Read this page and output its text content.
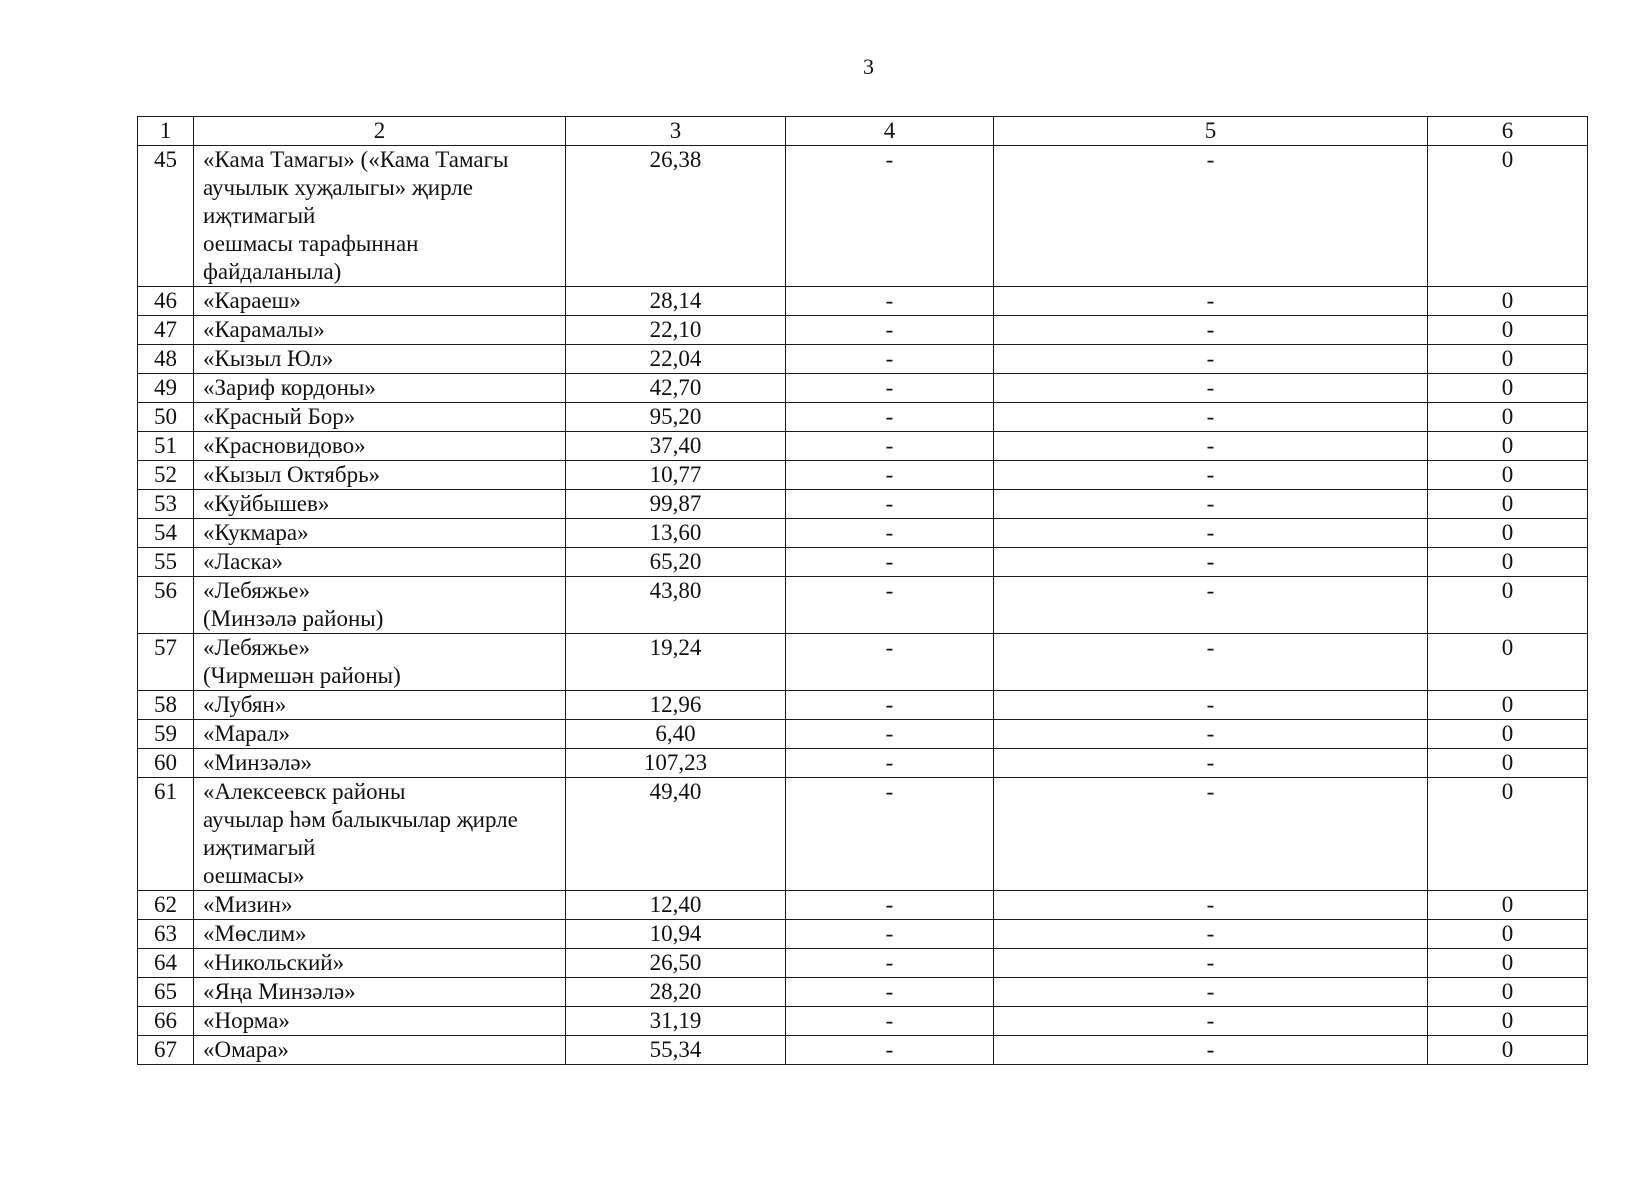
3
1	2	3	4	5	6
45	«Кама Тамагы» («Кама Тамагы
аучылык хуҗалыгы» җирле
иҗтимагый
оешмасы тарафыннан
файдаланыла)	26,38	-	-	0
46	«Караеш»	28,14	-	-	0
47	«Карамалы»	22,10	-	-	0
48	«Кызыл Юл»	22,04	-	-	0
49	«Зариф кордоны»	42,70	-	-	0
50	«Красный Бор»	95,20	-	-	0
51	«Красновидово»	37,40	-	-	0
52	«Кызыл Октябрь»	10,77	-	-	0
53	«Куйбышев»	99,87	-	-	0
54	«Кукмара»	13,60	-	-	0
55	«Ласка»	65,20	-	-	0
56	«Лебяжье»
(Минзәлә районы)	43,80	-	-	0
57	«Лебяжье»
(Чирмешән районы)	19,24	-	-	0
58	«Лубян»	12,96	-	-	0
59	«Марал»	6,40	-	-	0
60	«Минзәлә»	107,23	-	-	0
61	«Алексеевск районы
аучылар һәм балыкчылар җирле
иҗтимагый
оешмасы»	49,40	-	-	0
62	«Мизин»	12,40	-	-	0
63	«Мөслим»	10,94	-	-	0
64	«Никольский»	26,50	-	-	0
65	«Яңа Минзәлә»	28,20	-	-	0
66	«Норма»	31,19	-	-	0
67	«Омара»	55,34	-	-	0
